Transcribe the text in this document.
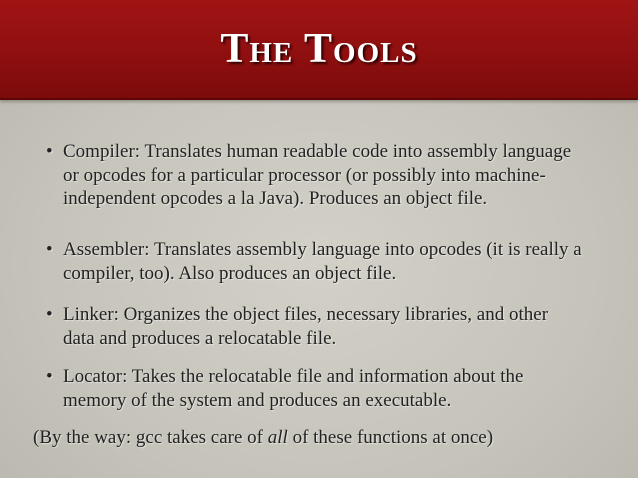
The Tools
• Compiler: Translates human readable code into assembly language or opcodes for a particular processor (or possibly into machine-independent opcodes a la Java). Produces an object file.

• Assembler: Translates assembly language into opcodes (it is really a compiler, too). Also produces an object file.

• Linker: Organizes the object files, necessary libraries, and other data and produces a relocatable file.

• Locator: Takes the relocatable file and information about the memory of the system and produces an executable.

(By the way: gcc takes care of all of these functions at once)
